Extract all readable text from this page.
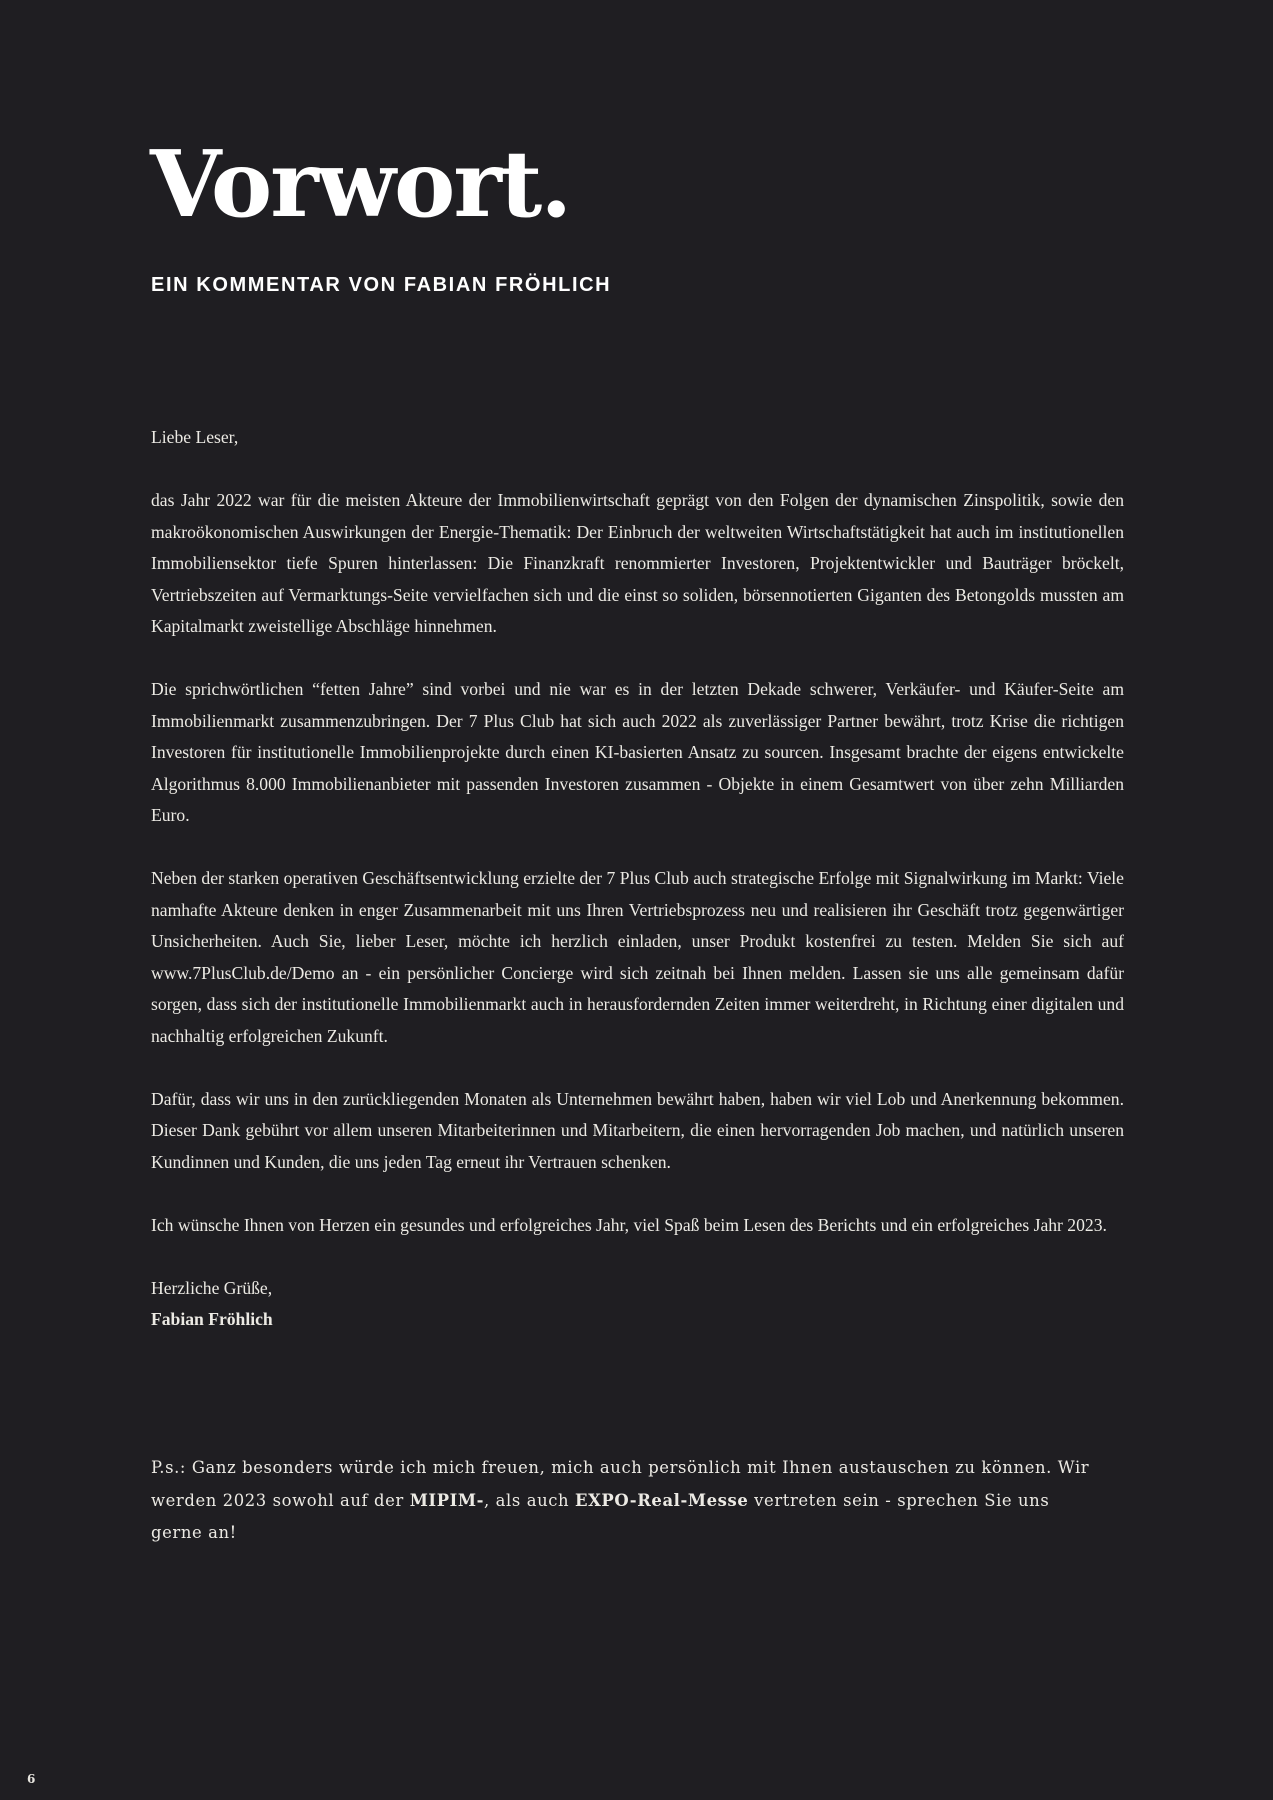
Vorwort.
EIN KOMMENTAR VON FABIAN FRÖHLICH

Liebe Leser,

das Jahr 2022 war für die meisten Akteure der Immobilienwirtschaft geprägt von den Folgen der dynamischen Zinspolitik, sowie den makroökonomischen Auswirkungen der Energie-Thematik: Der Einbruch der weltweiten Wirtschaftstätigkeit hat auch im institutionellen Immobiliensektor tiefe Spuren hinterlassen: Die Finanzkraft renommierter Investoren, Projektentwickler und Bauträger bröckelt, Vertriebszeiten auf Vermarktungs-Seite vervielfachen sich und die einst so soliden, börsennotierten Giganten des Betongolds mussten am Kapitalmarkt zweistellige Abschläge hinnehmen.

Die sprichwörtlichen “fetten Jahre” sind vorbei und nie war es in der letzten Dekade schwerer, Verkäufer- und Käufer-Seite am Immobilienmarkt zusammenzubringen. Der 7 Plus Club hat sich auch 2022 als zuverlässiger Partner bewährt, trotz Krise die richtigen Investoren für institutionelle Immobilienprojekte durch einen KI-basierten Ansatz zu sourcen. Insgesamt brachte der eigens entwickelte Algorithmus 8.000 Immobilienanbieter mit passenden Investoren zusammen - Objekte in einem Gesamtwert von über zehn Milliarden Euro.

Neben der starken operativen Geschäftsentwicklung erzielte der 7 Plus Club auch strategische Erfolge mit Signalwirkung im Markt: Viele namhafte Akteure denken in enger Zusammenarbeit mit uns Ihren Vertriebsprozess neu und realisieren ihr Geschäft trotz gegenwärtiger Unsicherheiten. Auch Sie, lieber Leser, möchte ich herzlich einladen, unser Produkt kostenfrei zu testen. Melden Sie sich auf www.7PlusClub.de/Demo an - ein persönlicher Concierge wird sich zeitnah bei Ihnen melden. Lassen sie uns alle gemeinsam dafür sorgen, dass sich der institutionelle Immobilienmarkt auch in herausfordernden Zeiten immer weiterdreht, in Richtung einer digitalen und nachhaltig erfolgreichen Zukunft.

Dafür, dass wir uns in den zurückliegenden Monaten als Unternehmen bewährt haben, haben wir viel Lob und Anerkennung bekommen. Dieser Dank gebührt vor allem unseren Mitarbeiterinnen und Mitarbeitern, die einen hervorragenden Job machen, und natürlich unseren Kundinnen und Kunden, die uns jeden Tag erneut ihr Vertrauen schenken.

Ich wünsche Ihnen von Herzen ein gesundes und erfolgreiches Jahr, viel Spaß beim Lesen des Berichts und ein erfolgreiches Jahr 2023.

Herzliche Grüße,
Fabian Fröhlich

P.s.: Ganz besonders würde ich mich freuen, mich auch persönlich mit Ihnen austauschen zu können. Wir werden 2023 sowohl auf der MIPIM-, als auch EXPO-Real-Messe vertreten sein - sprechen Sie uns gerne an!

6
